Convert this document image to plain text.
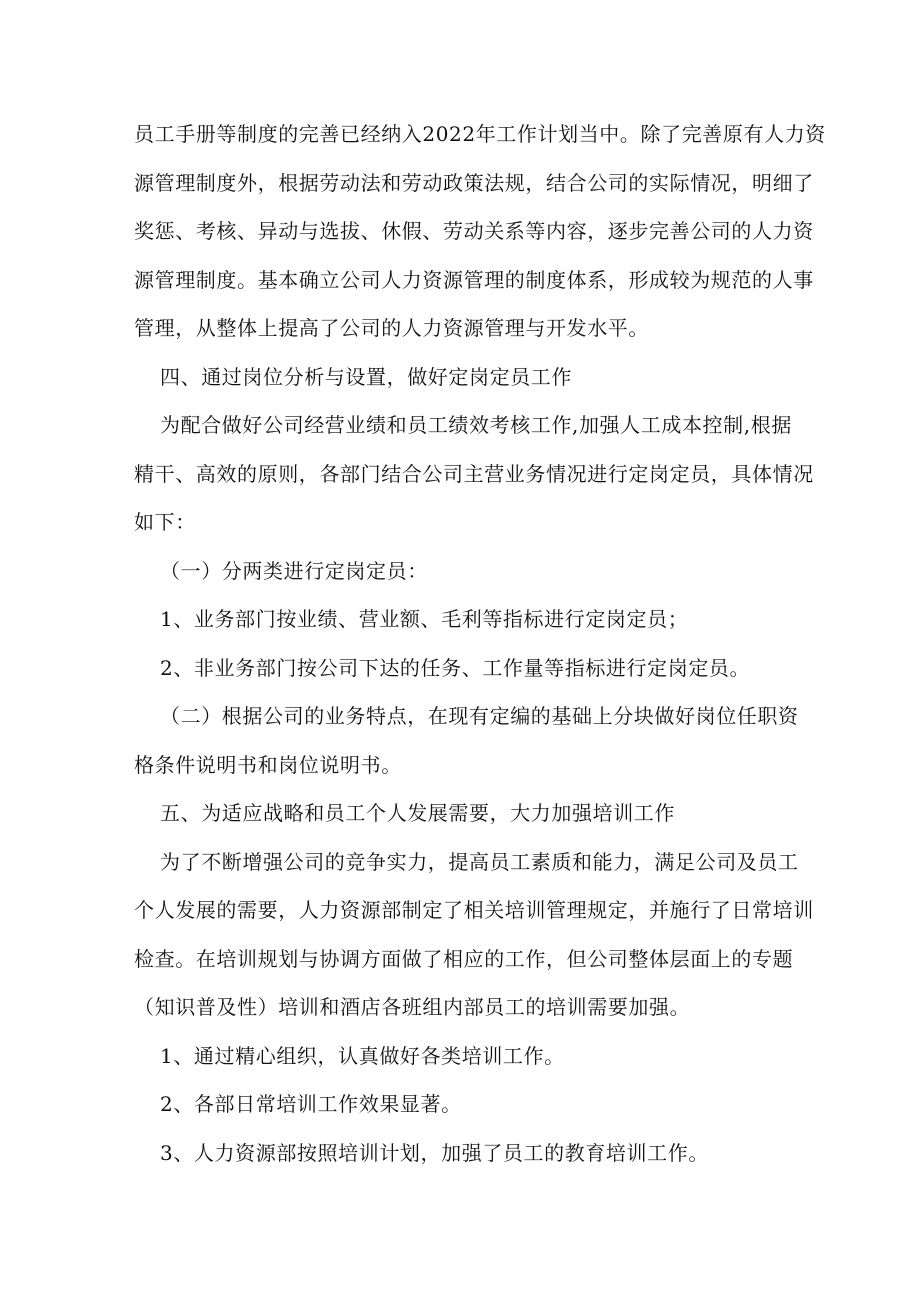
员工手册等制度的完善已经纳入2022年工作计划当中。除了完善原有人力资
源管理制度外，根据劳动法和劳动政策法规，结合公司的实际情况，明细了
奖惩、考核、异动与选拔、休假、劳动关系等内容，逐步完善公司的人力资
源管理制度。基本确立公司人力资源管理的制度体系，形成较为规范的人事
管理，从整体上提高了公司的人力资源管理与开发水平。
四、通过岗位分析与设置，做好定岗定员工作
为配合做好公司经营业绩和员工绩效考核工作,加强人工成本控制,根据
精干、高效的原则，各部门结合公司主营业务情况进行定岗定员，具体情况
如下：
（一）分两类进行定岗定员：
1、业务部门按业绩、营业额、毛利等指标进行定岗定员；
2、非业务部门按公司下达的任务、工作量等指标进行定岗定员。
（二）根据公司的业务特点，在现有定编的基础上分块做好岗位任职资
格条件说明书和岗位说明书。
五、为适应战略和员工个人发展需要，大力加强培训工作
为了不断增强公司的竞争实力，提高员工素质和能力，满足公司及员工
个人发展的需要，人力资源部制定了相关培训管理规定，并施行了日常培训
检查。在培训规划与协调方面做了相应的工作，但公司整体层面上的专题
（知识普及性）培训和酒店各班组内部员工的培训需要加强。
1、通过精心组织，认真做好各类培训工作。
2、各部日常培训工作效果显著。
3、人力资源部按照培训计划，加强了员工的教育培训工作。
